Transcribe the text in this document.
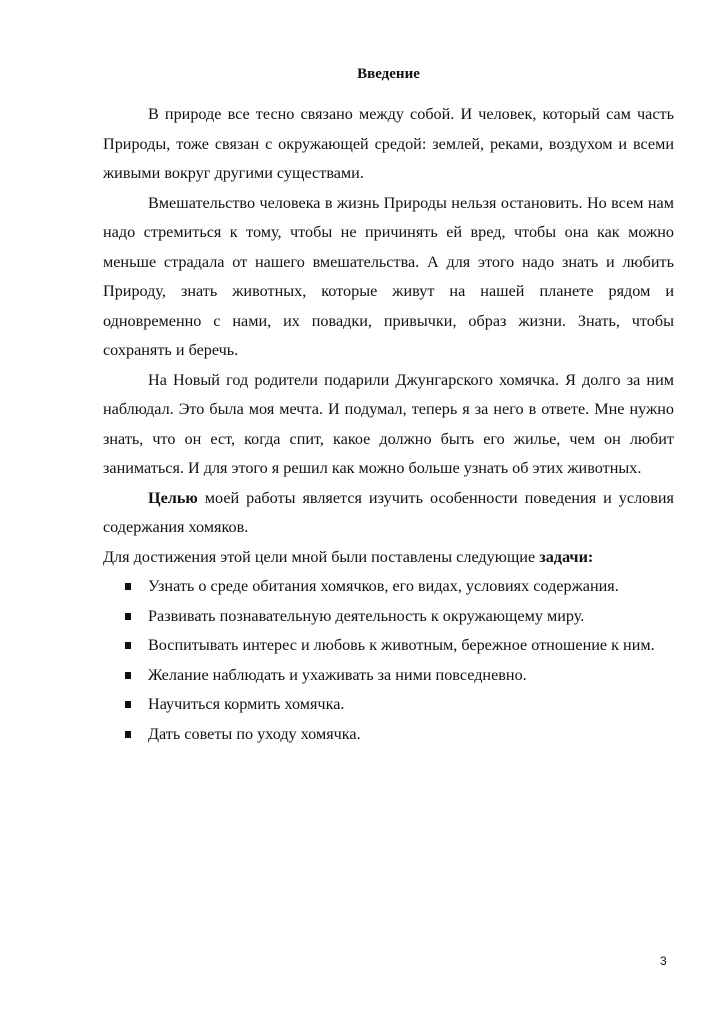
Введение

В природе все тесно связано между собой. И человек, который сам часть Природы, тоже связан с окружающей средой: землей, реками, воздухом и всеми живыми вокруг другими существами.

Вмешательство человека в жизнь Природы нельзя остановить. Но всем нам надо стремиться к тому, чтобы не причинять ей вред, чтобы она как можно меньше страдала от нашего вмешательства. А для этого надо знать и любить Природу, знать животных, которые живут на нашей планете рядом и одновременно с нами, их повадки, привычки, образ жизни. Знать, чтобы сохранять и беречь.

На Новый год родители подарили Джунгарского хомячка. Я долго за ним наблюдал. Это была моя мечта. И подумал, теперь я за него в ответе. Мне нужно знать, что он ест, когда спит, какое должно быть его жилье, чем он любит заниматься. И для этого я решил как можно больше узнать об этих животных.

Целью моей работы является изучить особенности поведения и условия содержания хомяков.

Для достижения этой цели мной были поставлены следующие задачи:

Узнать о среде обитания хомячков, его видах, условиях содержания.
Развивать познавательную деятельность к окружающему миру.
Воспитывать интерес и любовь к животным, бережное отношение к ним.
Желание наблюдать и ухаживать за ними повседневно.
Научиться кормить хомячка.
Дать советы по уходу хомячка.
3
